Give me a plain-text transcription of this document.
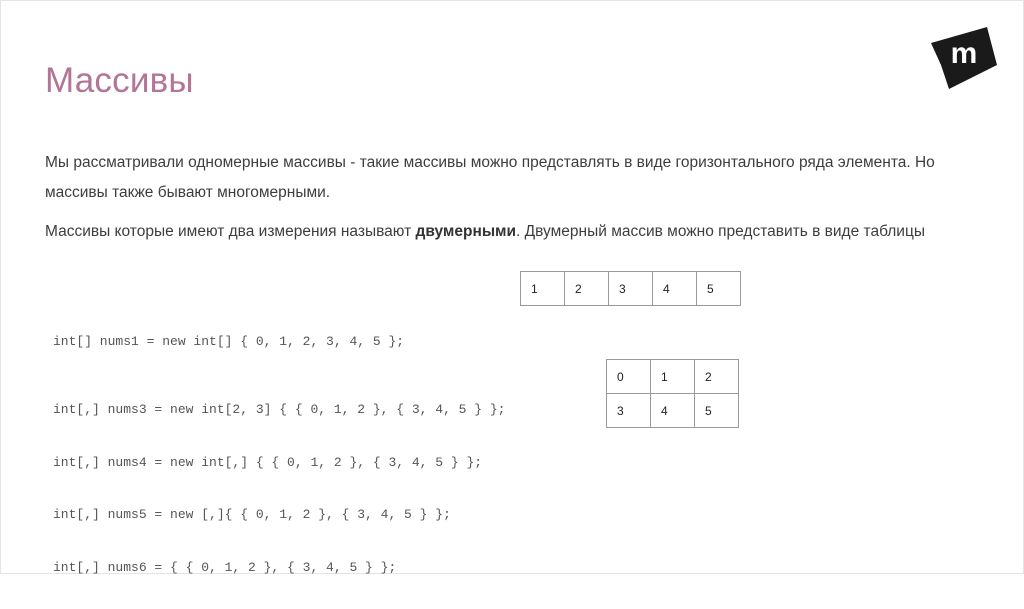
m
Массивы
Мы рассматривали одномерные массивы - такие массивы можно представлять в виде горизонтального ряда элемента. Но
массивы также бывают многомерными.
Массивы которые имеют два измерения называют двумерными. Двумерный массив можно представить в виде таблицы

int[] nums1 = new int[] { 0, 1, 2, 3, 4, 5 };

int[,] nums3 = new int[2, 3] { { 0, 1, 2 }, { 3, 4, 5 } };

int[,] nums4 = new int[,] { { 0, 1, 2 }, { 3, 4, 5 } };

int[,] nums5 = new [,]{ { 0, 1, 2 }, { 3, 4, 5 } };

int[,] nums6 = { { 0, 1, 2 }, { 3, 4, 5 } };

1	2	3	4	5
0	1	2
3	4	5
